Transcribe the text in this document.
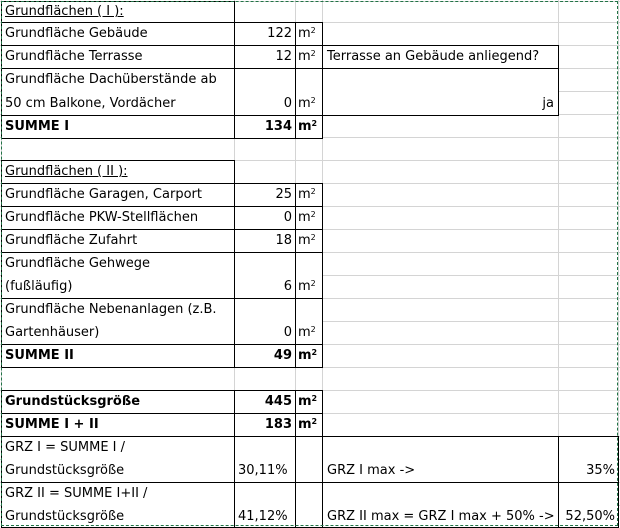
Grundflächen ( I ):
Grundfläche Gebäude	122 $m^2$
Grundfläche Terrasse	12 $m^2$ Terrasse an Gebäude anliegend?
Grundfläche Dachüberstände ab
50 cm Balkone, Vordächer	0 $m^2$	ja
SUMME I	134 $m^2$
Grundflächen ( II ):
Grundfläche Garagen, Carport	25 $m^2$
Grundfläche PKW-Stellflächen	0 $m^2$
Grundfläche Zufahrt	18 $m^2$
Grundfläche Gehwege
(fußläufig)	6 $m^2$
Grundfläche Nebenanlagen (z.B.
Gartenhäuser)	0 $m^2$
SUMME II	49 $m^2$
Grundstücksgröße	445 $m^2$
SUMME I + II	183 $m^2$
GRZ I = SUMME I /
Grundstücksgröße	30,11%	GRZ I max ->	35%
GRZ II = SUMME I+II /
Grundstücksgröße	41,12%	GRZ II max = GRZ I max + 50% -> 52,50%
